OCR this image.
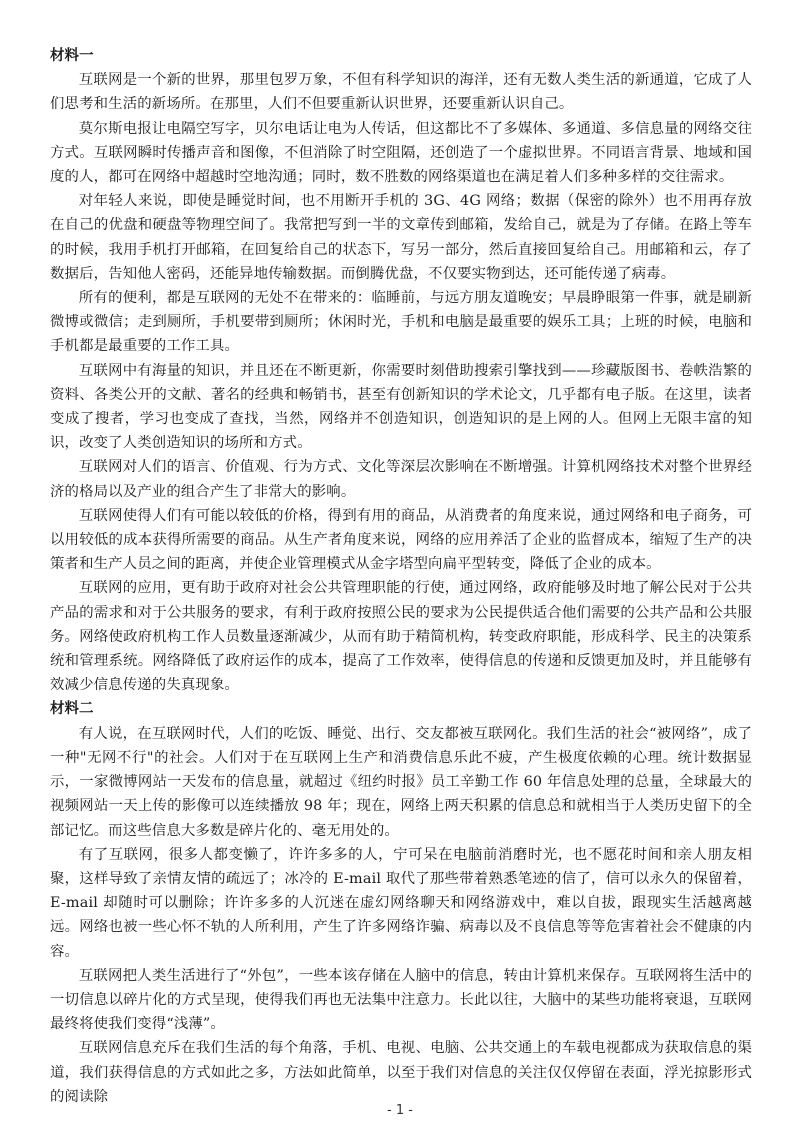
材料一

互联网是一个新的世界，那里包罗万象，不但有科学知识的海洋，还有无数人类生活的新通道，它成了人们思考和生活的新场所。在那里，人们不但要重新认识世界，还要重新认识自己。

莫尔斯电报让电隔空写字，贝尔电话让电为人传话，但这都比不了多媒体、多通道、多信息量的网络交往方式。互联网瞬时传播声音和图像，不但消除了时空阻隔，还创造了一个虚拟世界。不同语言背景、地域和国度的人，都可在网络中超越时空地沟通；同时，数不胜数的网络渠道也在满足着人们多种多样的交往需求。

对年轻人来说，即使是睡觉时间，也不用断开手机的 3G、4G 网络；数据（保密的除外）也不用再存放在自己的优盘和硬盘等物理空间了。我常把写到一半的文章传到邮箱，发给自己，就是为了存储。在路上等车的时候，我用手机打开邮箱，在回复给自己的状态下，写另一部分，然后直接回复给自己。用邮箱和云，存了数据后，告知他人密码，还能异地传输数据。而倒腾优盘，不仅要实物到达，还可能传递了病毒。

所有的便利，都是互联网的无处不在带来的：临睡前，与远方朋友道晚安；早晨睁眼第一件事，就是刷新微博或微信；走到厕所，手机要带到厕所；休闲时光，手机和电脑是最重要的娱乐工具；上班的时候，电脑和手机都是最重要的工作工具。

互联网中有海量的知识，并且还在不断更新，你需要时刻借助搜索引擎找到——珍藏版图书、卷帙浩繁的资料、各类公开的文献、著名的经典和畅销书，甚至有创新知识的学术论文，几乎都有电子版。在这里，读者变成了搜者，学习也变成了查找，当然，网络并不创造知识，创造知识的是上网的人。但网上无限丰富的知识，改变了人类创造知识的场所和方式。

互联网对人们的语言、价值观、行为方式、文化等深层次影响在不断增强。计算机网络技术对整个世界经济的格局以及产业的组合产生了非常大的影响。

互联网使得人们有可能以较低的价格，得到有用的商品，从消费者的角度来说，通过网络和电子商务，可以用较低的成本获得所需要的商品。从生产者角度来说，网络的应用养活了企业的监督成本，缩短了生产的决策者和生产人员之间的距离，并使企业管理模式从金字塔型向扁平型转变，降低了企业的成本。

互联网的应用，更有助于政府对社会公共管理职能的行使，通过网络，政府能够及时地了解公民对于公共产品的需求和对于公共服务的要求，有利于政府按照公民的要求为公民提供适合他们需要的公共产品和公共服务。网络使政府机构工作人员数量逐渐减少，从而有助于精简机构，转变政府职能，形成科学、民主的决策系统和管理系统。网络降低了政府运作的成本，提高了工作效率，使得信息的传递和反馈更加及时，并且能够有效减少信息传递的失真现象。

材料二

有人说，在互联网时代，人们的吃饭、睡觉、出行、交友都被互联网化。我们生活的社会“被网络”，成了一种"无网不行"的社会。人们对于在互联网上生产和消费信息乐此不疲，产生极度依赖的心理。统计数据显示，一家微博网站一天发布的信息量，就超过《纽约时报》员工辛勤工作 60 年信息处理的总量，全球最大的视频网站一天上传的影像可以连续播放 98 年；现在，网络上两天积累的信息总和就相当于人类历史留下的全部记忆。而这些信息大多数是碎片化的、毫无用处的。

有了互联网，很多人都变懒了，许许多多的人，宁可呆在电脑前消磨时光，也不愿花时间和亲人朋友相聚，这样导致了亲情友情的疏远了；冰冷的 E-mail 取代了那些带着熟悉笔迹的信了，信可以永久的保留着，E-mail 却随时可以删除；许许多多的人沉迷在虚幻网络聊天和网络游戏中，难以自拔，跟现实生活越离越远。网络也被一些心怀不轨的人所利用，产生了许多网络诈骗、病毒以及不良信息等等危害着社会不健康的内容。

互联网把人类生活进行了“外包”，一些本该存储在人脑中的信息，转由计算机来保存。互联网将生活中的一切信息以碎片化的方式呈现，使得我们再也无法集中注意力。长此以往，大脑中的某些功能将衰退，互联网最终将使我们变得“浅薄”。

互联网信息充斥在我们生活的每个角落，手机、电视、电脑、公共交通上的车载电视都成为获取信息的渠道，我们获得信息的方式如此之多，方法如此简单，以至于我们对信息的关注仅仅停留在表面，浮光掠影形式的阅读除

- 1 -
